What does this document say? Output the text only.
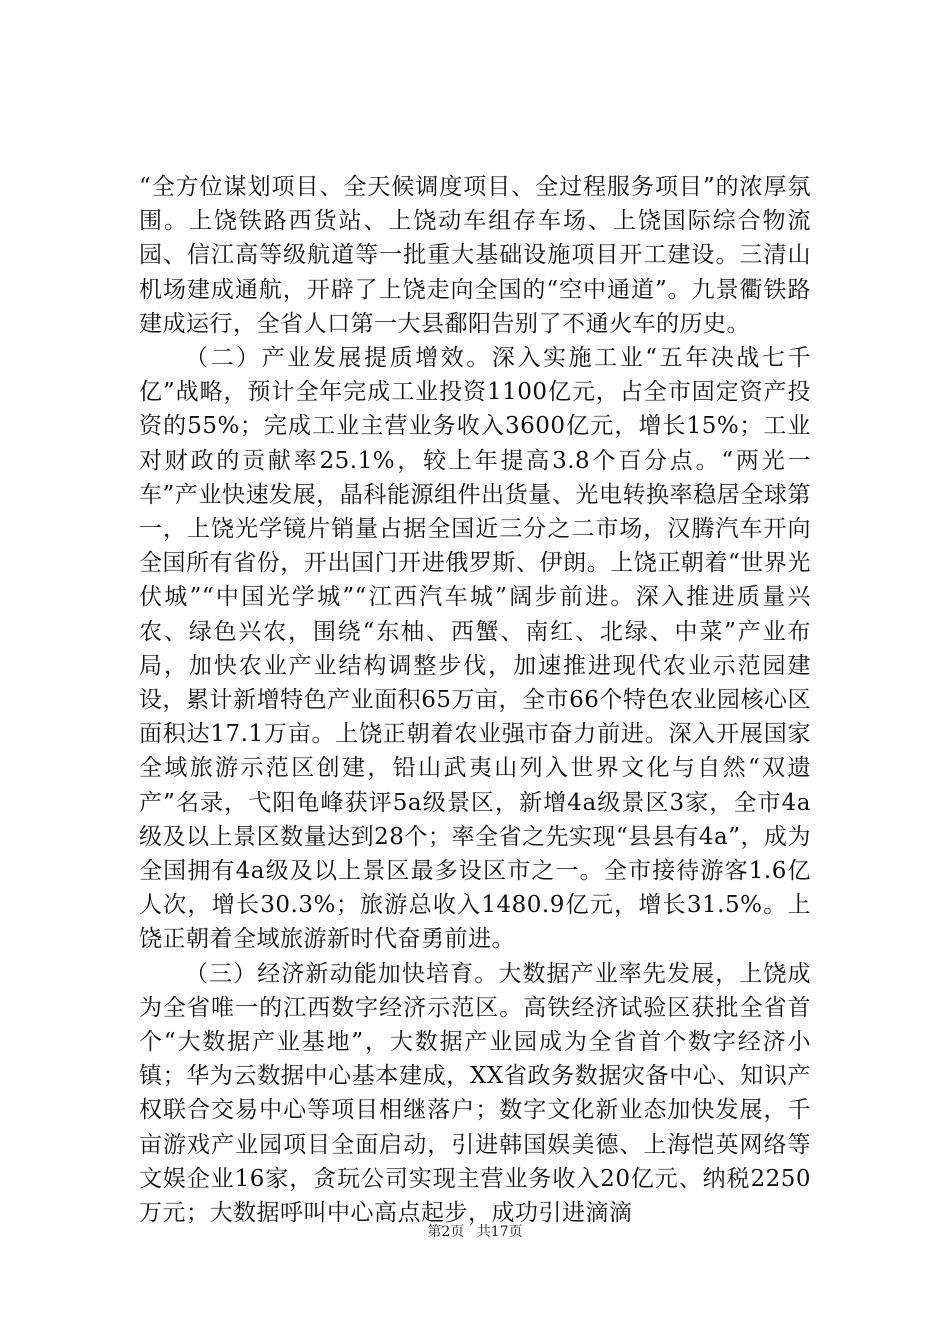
“全方位谋划项目、全天候调度项目、全过程服务项目”的浓厚氛围。上饶铁路西货站、上饶动车组存车场、上饶国际综合物流园、信江高等级航道等一批重大基础设施项目开工建设。三清山机场建成通航，开辟了上饶走向全国的“空中通道”。九景衢铁路建成运行，全省人口第一大县鄱阳告别了不通火车的历史。

（二）产业发展提质增效。深入实施工业“五年决战七千亿”战略，预计全年完成工业投资1100亿元，占全市固定资产投资的55%；完成工业主营业务收入3600亿元，增长15%；工业对财政的贡献率25.1%，较上年提高3.8个百分点。“两光一车”产业快速发展，晶科能源组件出货量、光电转换率稳居全球第一，上饶光学镜片销量占据全国近三分之二市场，汉腾汽车开向全国所有省份，开出国门开进俄罗斯、伊朗。上饶正朝着“世界光伏城”“中国光学城”“江西汽车城”阔步前进。深入推进质量兴农、绿色兴农，围绕“东柚、西蟹、南红、北绿、中菜”产业布局，加快农业产业结构调整步伐，加速推进现代农业示范园建设，累计新增特色产业面积65万亩，全市66个特色农业园核心区面积达17.1万亩。上饶正朝着农业强市奋力前进。深入开展国家全域旅游示范区创建，铅山武夷山列入世界文化与自然“双遗产”名录，弋阳龟峰获评5a级景区，新增4a级景区3家，全市4a级及以上景区数量达到28个；率全省之先实现“县县有4a”，成为全国拥有4a级及以上景区最多设区市之一。全市接待游客1.6亿人次，增长30.3%；旅游总收入1480.9亿元，增长31.5%。上饶正朝着全域旅游新时代奋勇前进。

（三）经济新动能加快培育。大数据产业率先发展，上饶成为全省唯一的江西数字经济示范区。高铁经济试验区获批全省首个“大数据产业基地”，大数据产业园成为全省首个数字经济小镇；华为云数据中心基本建成，XX省政务数据灾备中心、知识产权联合交易中心等项目相继落户；数字文化新业态加快发展，千亩游戏产业园项目全面启动，引进韩国娱美德、上海恺英网络等文娱企业16家，贪玩公司实现主营业务收入20亿元、纳税2250万元；大数据呼叫中心高点起步，成功引进滴滴

第2页 共17页
